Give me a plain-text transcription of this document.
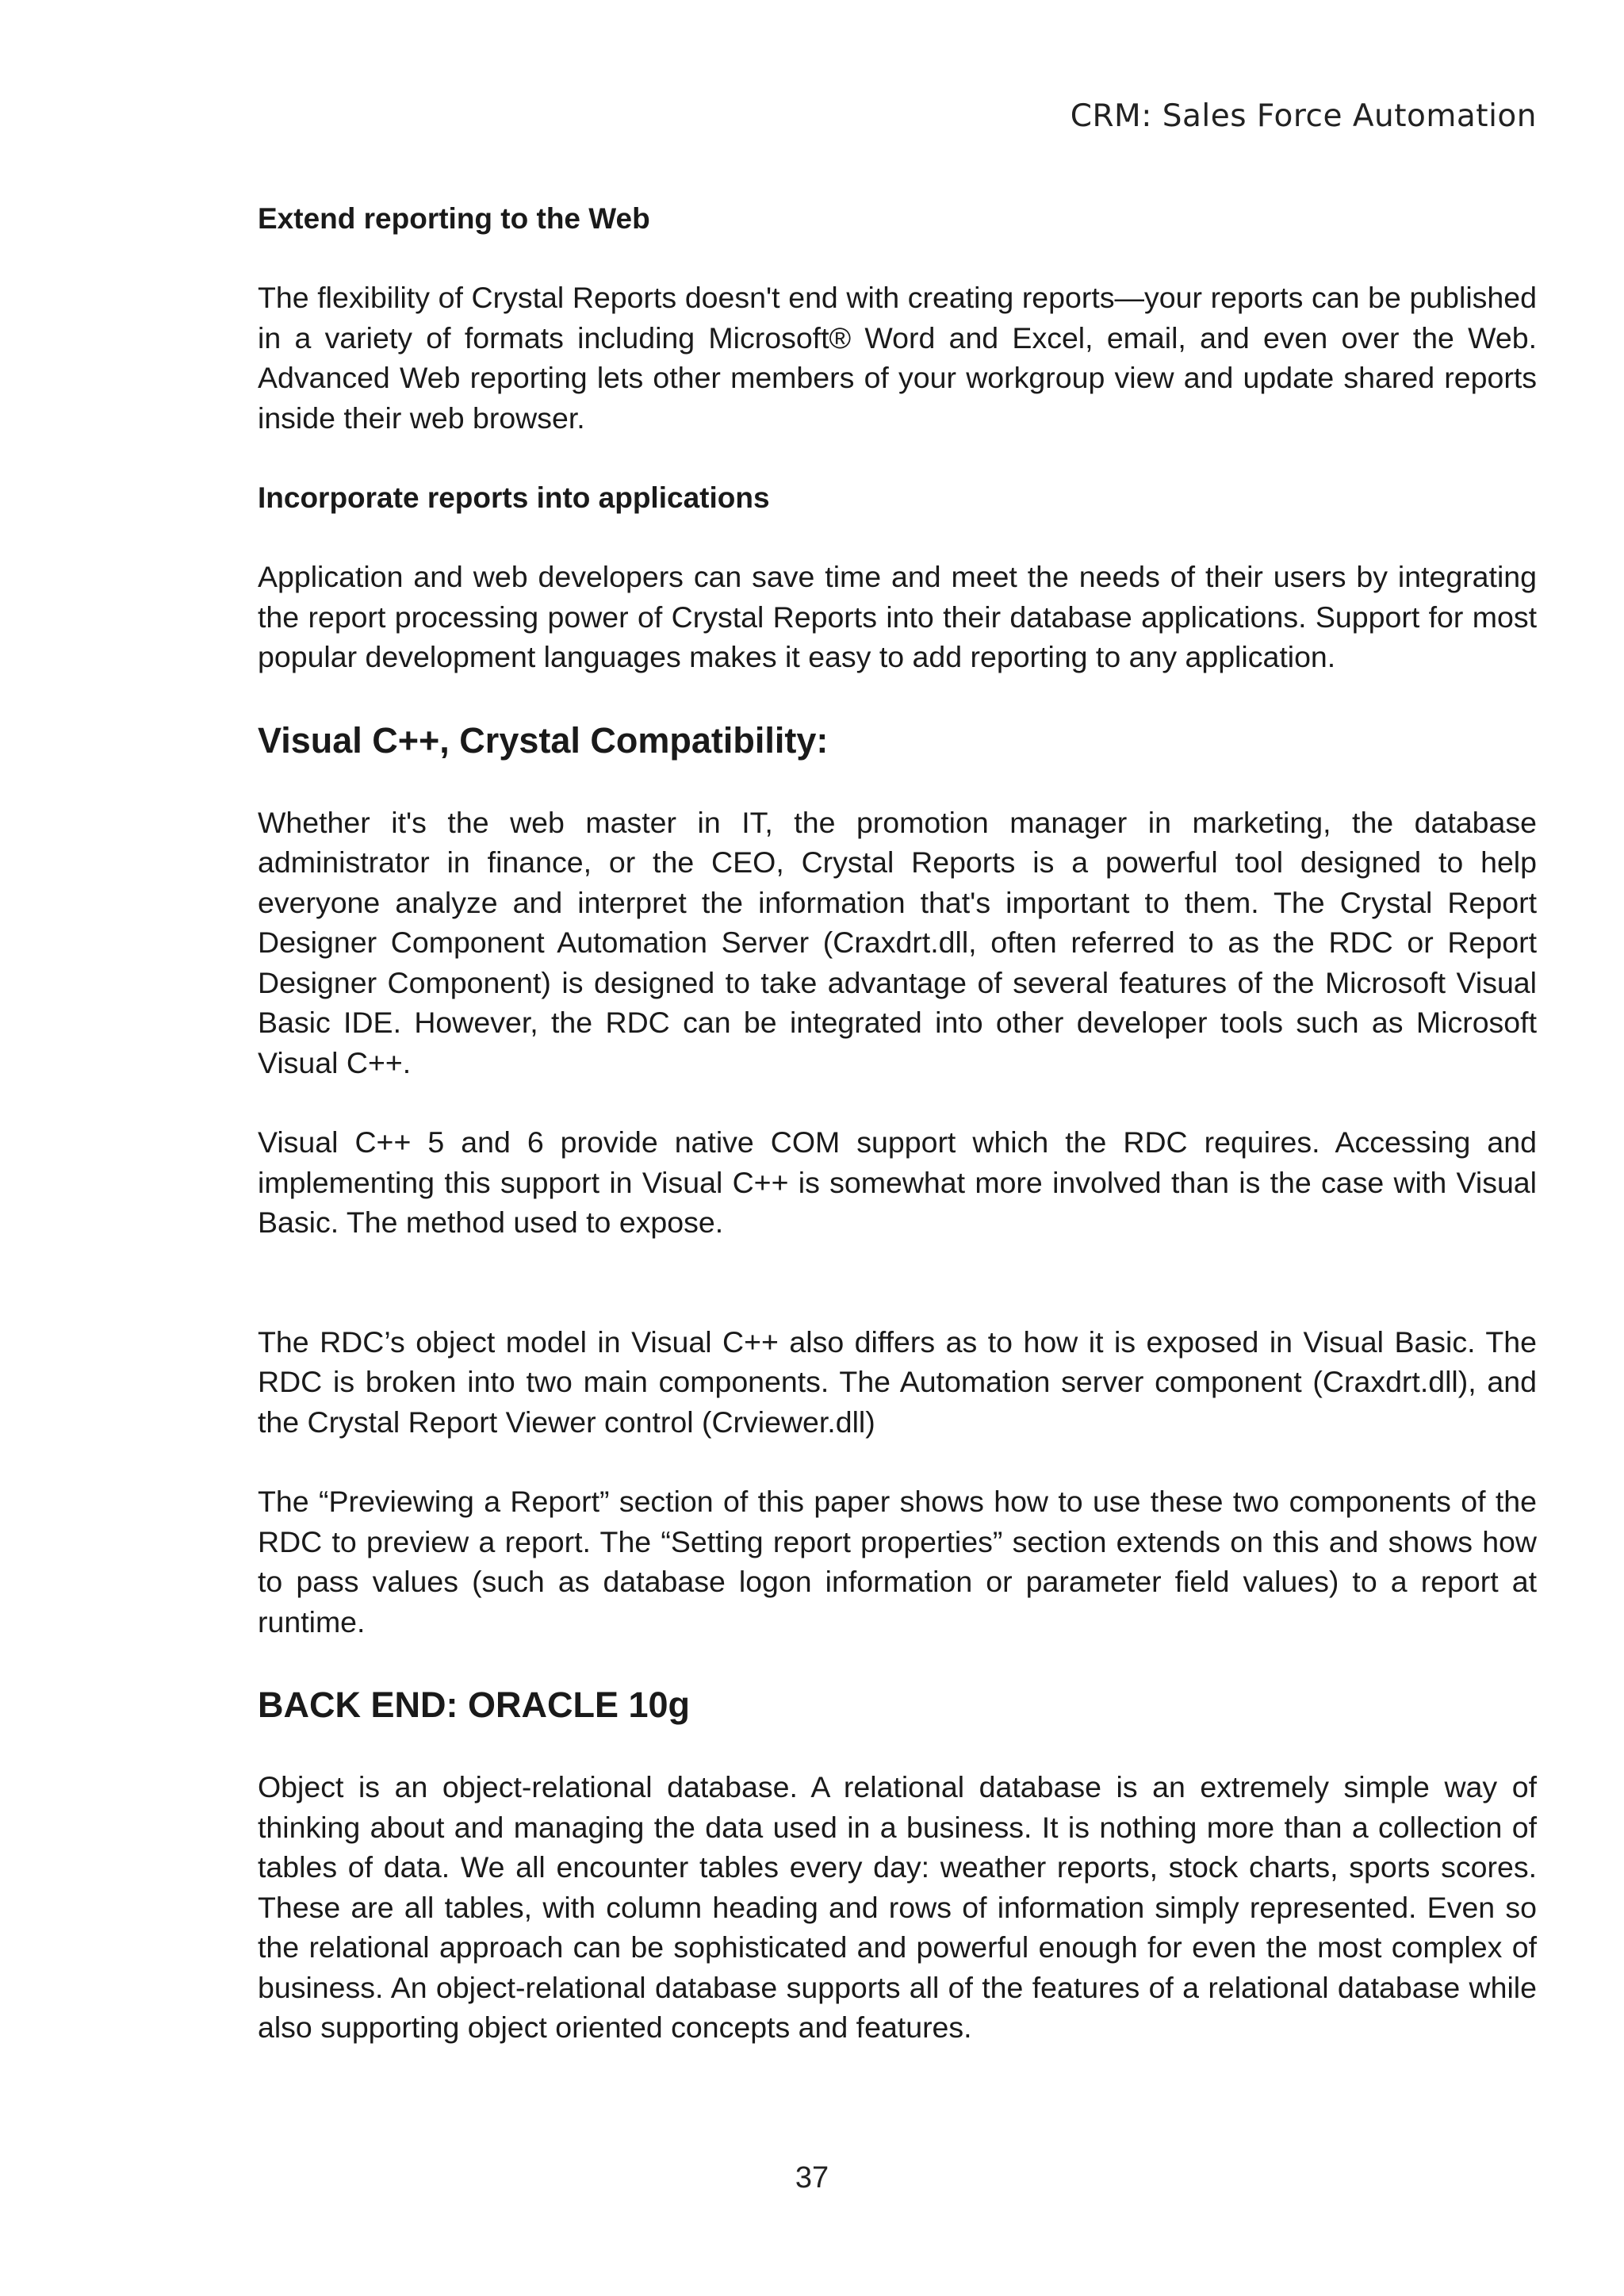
CRM: Sales Force Automation
Extend reporting to the Web

The flexibility of Crystal Reports doesn't end with creating reports—your reports can be published in a variety of formats including Microsoft® Word and Excel, email, and even over the Web. Advanced Web reporting lets other members of your workgroup view and update shared reports inside their web browser.

Incorporate reports into applications

Application and web developers can save time and meet the needs of their users by integrating the report processing power of Crystal Reports into their database applications. Support for most popular development languages makes it easy to add reporting to any application.

Visual C++, Crystal Compatibility:

Whether it's the web master in IT, the promotion manager in marketing, the database administrator in finance, or the CEO, Crystal Reports is a powerful tool designed to help everyone analyze and interpret the information that's important to them. The Crystal Report Designer Component Automation Server (Craxdrt.dll, often referred to as the RDC or Report Designer Component) is designed to take advantage of several features of the Microsoft Visual Basic IDE. However, the RDC can be integrated into other developer tools such as Microsoft Visual C++.

Visual C++ 5 and 6 provide native COM support which the RDC requires. Accessing and implementing this support in Visual C++ is somewhat more involved than is the case with Visual Basic. The method used to expose.

The RDC’s object model in Visual C++ also differs as to how it is exposed in Visual Basic. The RDC is broken into two main components. The Automation server component (Craxdrt.dll), and the Crystal Report Viewer control (Crviewer.dll)

The “Previewing a Report” section of this paper shows how to use these two components of the RDC to preview a report. The “Setting report properties” section extends on this and shows how to pass values (such as database logon information or parameter field values) to a report at runtime.

BACK END: ORACLE 10g

Object is an object-relational database. A relational database is an extremely simple way of thinking about and managing the data used in a business. It is nothing more than a collection of tables of data. We all encounter tables every day: weather reports, stock charts, sports scores. These are all tables, with column heading and rows of information simply represented. Even so the relational approach can be sophisticated and powerful enough for even the most complex of business. An object-relational database supports all of the features of a relational database while also supporting object oriented concepts and features.

37
